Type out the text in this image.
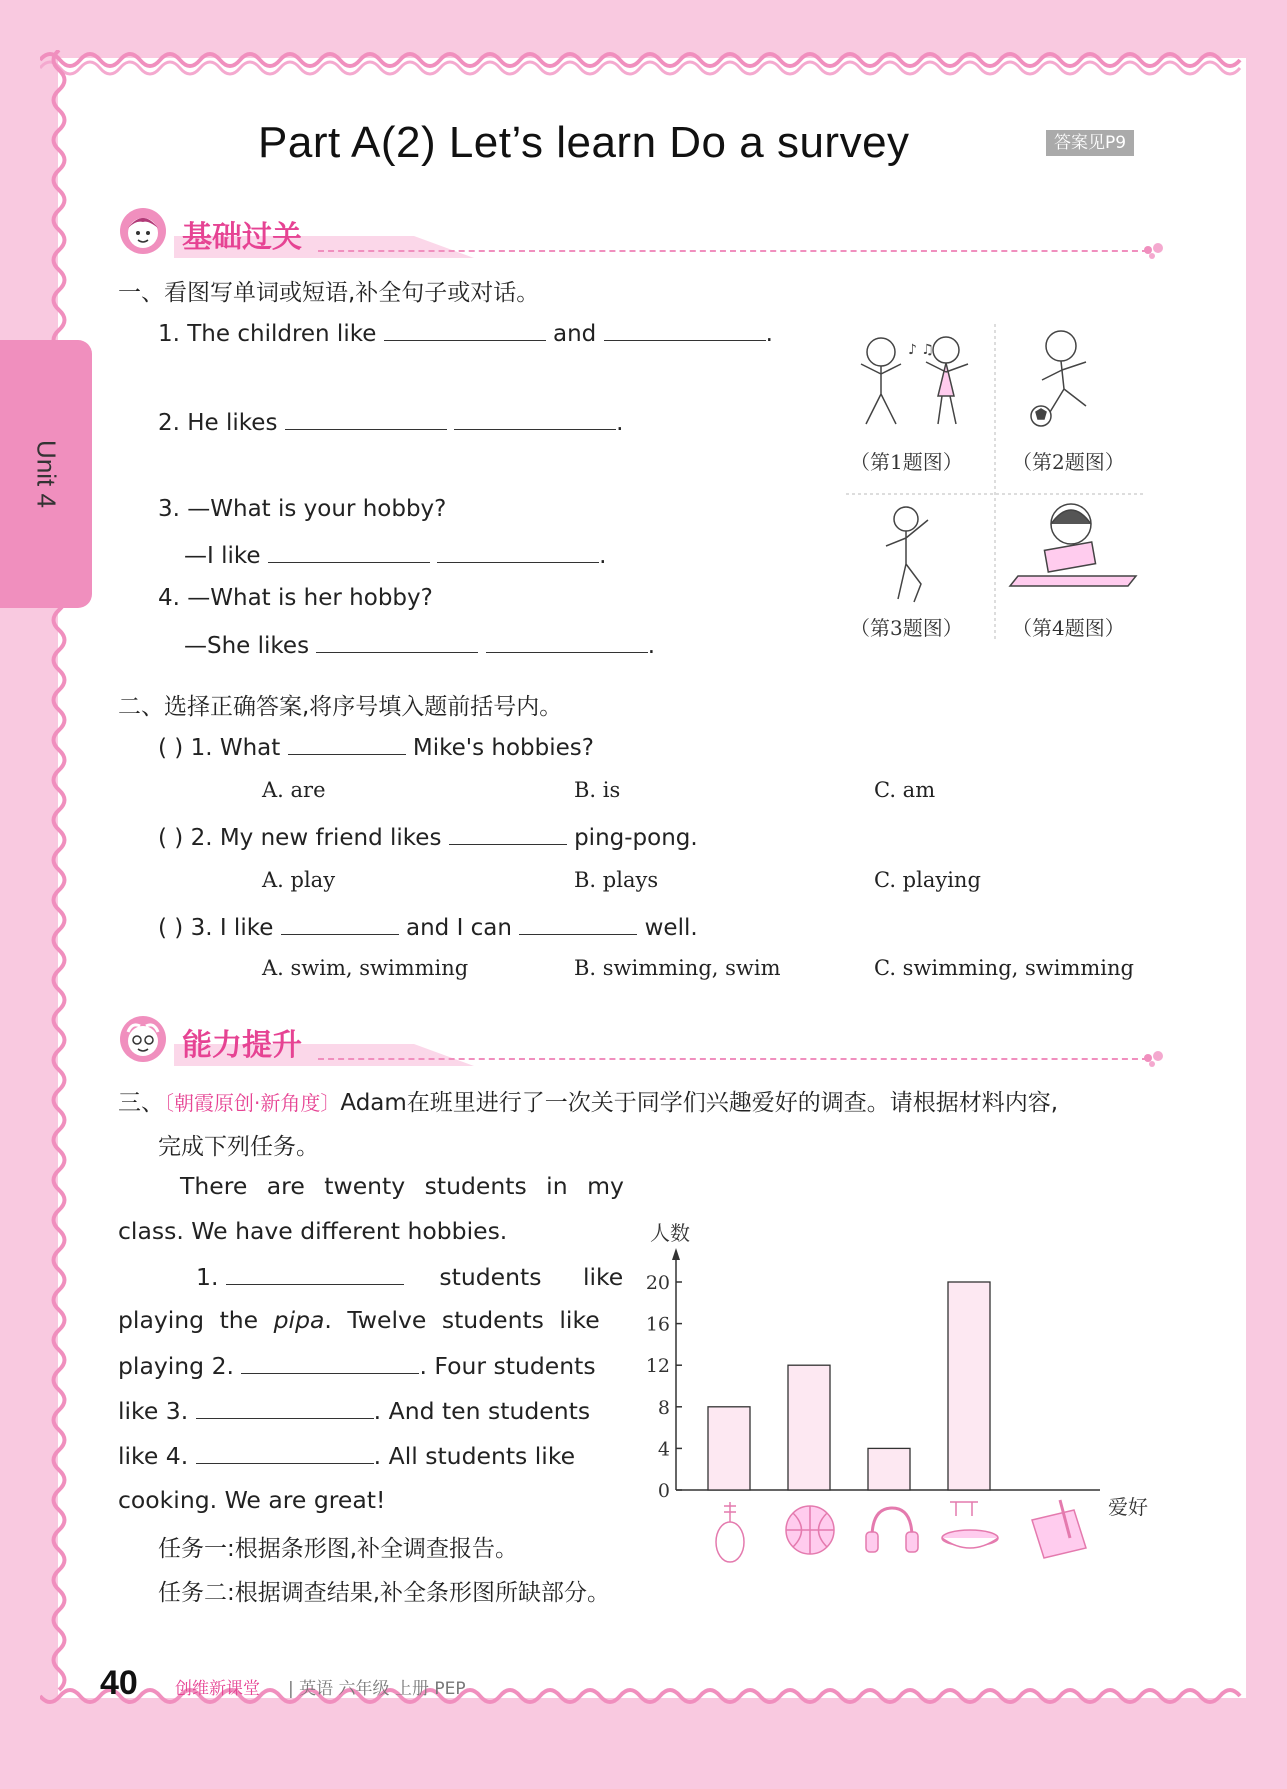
Unit 4
Part A(2) Let’s learn Do a survey	答案见P9
基础过关
一、看图写单词或短语,补全句子或对话。
1. The children like	and	.
2. He likes	.
3. —What is your hobby?
—I like	.
4. —What is her hobby?
—She likes	.
♪ ♫
（第1题图） （第2题图）
（第3题图） （第4题图）
二、选择正确答案,将序号填入题前括号内。
( ) 1. What	Mike's hobbies?
A. are	B. is	C. am
( ) 2. My new friend likes	ping-pong.
A. play	B. plays	C. playing
( ) 3. I like	and I can	well.
A. swim, swimming	B. swimming, swim	C. swimming, swimming
能力提升
三、〔朝霞原创·新角度〕Adam在班里进行了一次关于同学们兴趣爱好的调查。请根据材料内容,
完成下列任务。
There are twenty students in my
class. We have different hobbies.
1.	students like
playing the pipa. Twelve students like
playing 2.	. Four students
like 3.	. And ten students
like 4.	. All students like
cooking. We are great!
任务一:根据条形图,补全调查报告。
任务二:根据调查结果,补全条形图所缺部分。
人数
爱好
0
4
8
12
16
20
40 创维新课堂 | 英语 六年级 上册 PEP
